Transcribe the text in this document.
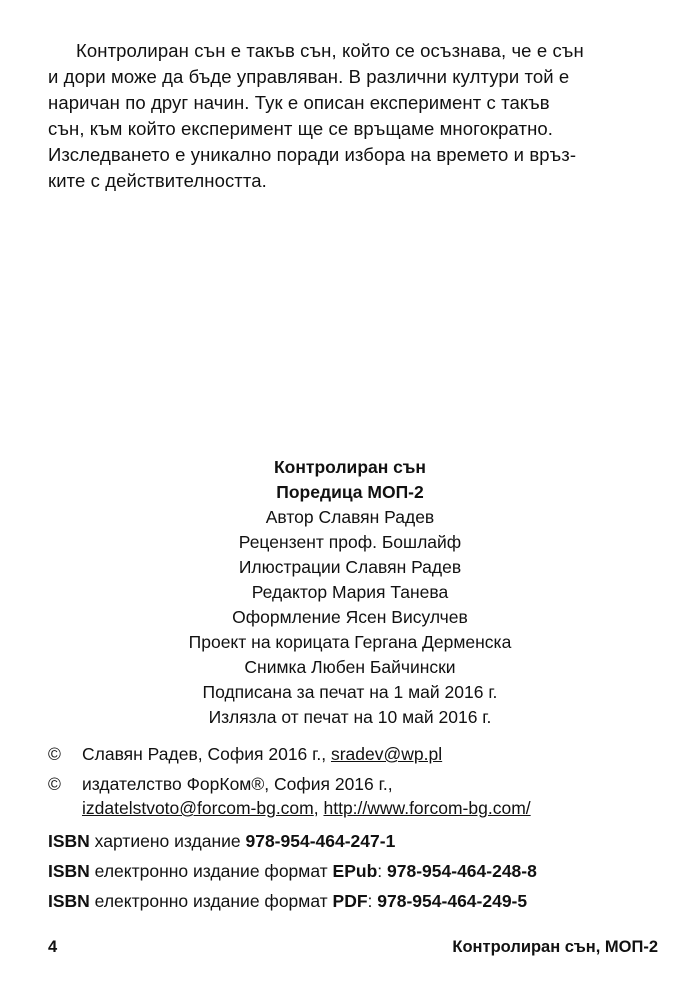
Контролиран сън е такъв сън, който се осъзнава, че е сън
и дори може да бъде управляван. В различни култури той е
наричан по друг начин. Тук е описан експеримент с такъв
сън, към който експеримент ще се връщаме многократно.
Изследването е уникално поради избора на времето и връз-
ките с действителността.
Контролиран сън
Поредица МОП-2
Автор Славян Радев
Рецензент проф. Бошлайф
Илюстрации Славян Радев
Редактор Мария Танева
Оформление Ясен Висулчев
Проект на корицата Гергана Дерменска
Снимка Любен Байчински
Подписана за печат на 1 май 2016 г.
Излязла от печат на 10 май 2016 г.
©	Славян Радев, София 2016 г., sradev@wp.pl
©	издателство ФорКом®, София 2016 г.,
izdatelstvoto@forcom-bg.com, http://www.forcom-bg.com/
ISBN хартиено издание 978-954-464-247-1
ISBN електронно издание формат EPub: 978-954-464-248-8
ISBN електронно издание формат PDF: 978-954-464-249-5
4	Контролиран сън, МОП-2
